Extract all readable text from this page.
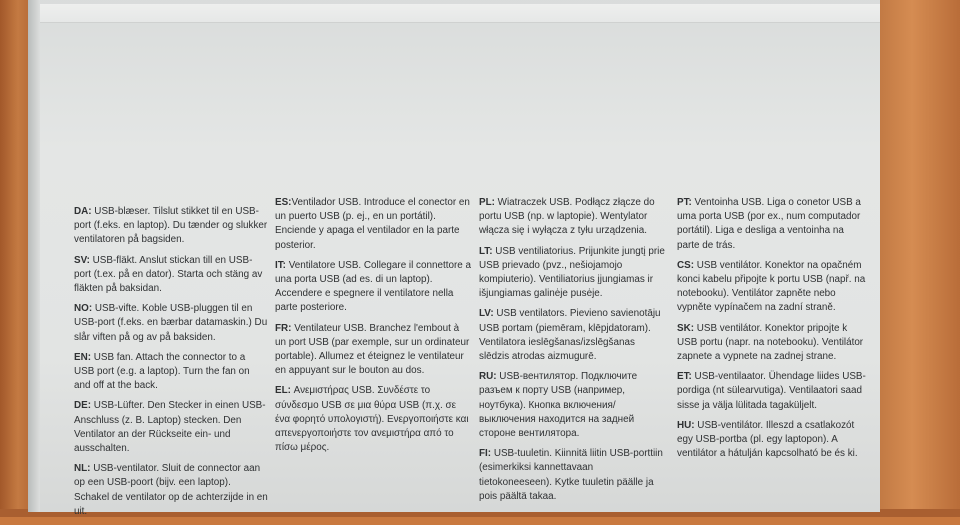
DA: USB-blæser. Tilslut stikket til en USB-port (f.eks. en laptop). Du tænder og slukker ventilatoren på bagsiden.

SV: USB-fläkt. Anslut stickan till en USB-port (t.ex. på en dator). Starta och stäng av fläkten på baksidan.

NO: USB-vifte. Koble USB-pluggen til en USB-port (f.eks. en bærbar datamaskin.) Du slår viften på og av på baksiden.

EN: USB fan. Attach the connector to a USB port (e.g. a laptop). Turn the fan on and off at the back.

DE: USB-Lüfter. Den Stecker in einen USB-Anschluss (z. B. Laptop) stecken. Den Ventilator an der Rückseite ein- und ausschalten.

NL: USB-ventilator. Sluit de connector aan op een USB-poort (bijv. een laptop). Schakel de ventilator op de achterzijde in en uit.

ES:Ventilador USB. Introduce el conector en un puerto USB (p. ej., en un portátil). Enciende y apaga el ventilador en la parte posterior.

IT: Ventilatore USB. Collegare il connettore a una porta USB (ad es. di un laptop). Accendere e spegnere il ventilatore nella parte posteriore.

FR: Ventilateur USB. Branchez l'embout à un port USB (par exemple, sur un ordinateur portable). Allumez et éteignez le ventilateur en appuyant sur le bouton au dos.

EL: Ανεμιστήρας USB. Συνδέστε το σύνδεσμο USB σε μια θύρα USB (π.χ. σε ένα φορητό υπολογιστή). Ενεργοποιήστε και απενεργοποιήστε τον ανεμιστήρα από το πίσω μέρος.

PL: Wiatraczek USB. Podłącz złącze do portu USB (np. w laptopie). Wentylator włącza się i wyłącza z tyłu urządzenia.

LT: USB ventiliatorius. Prijunkite jungtį prie USB prievado (pvz., nešiojamojo kompiuterio). Ventiliatorius įjungiamas ir išjungiamas galinėje pusėje.

LV: USB ventilators. Pievieno savienotāju USB portam (piemēram, klēpjdatoram). Ventilatora ieslēgšanas/izslēgšanas slēdzis atrodas aizmugurē.

RU: USB-вентилятор. Подключите разъем к порту USB (например, ноутбука). Кнопка включения/выключения находится на задней стороне вентилятора.

FI: USB-tuuletin. Kiinnitä liitin USB-porttiin (esimerkiksi kannettavaan tietokoneeseen). Kytke tuuletin päälle ja pois päältä takaa.

PT: Ventoinha USB. Liga o conetor USB a uma porta USB (por ex., num computador portátil). Liga e desliga a ventoinha na parte de trás.

CS: USB ventilátor. Konektor na opačném konci kabelu připojte k portu USB (např. na notebooku). Ventilátor zapněte nebo vypněte vypínačem na zadní straně.

SK: USB ventilátor. Konektor pripojte k USB portu (napr. na notebooku). Ventilátor zapnete a vypnete na zadnej strane.

ET: USB-ventilaator. Ühendage liides USB-pordiga (nt sülearvutiga). Ventilaatori saad sisse ja välja lülitada tagaküljelt.

HU: USB-ventilátor. Illeszd a csatlakozót egy USB-portba (pl. egy laptopon). A ventilátor a hátulján kapcsolható be és ki.
